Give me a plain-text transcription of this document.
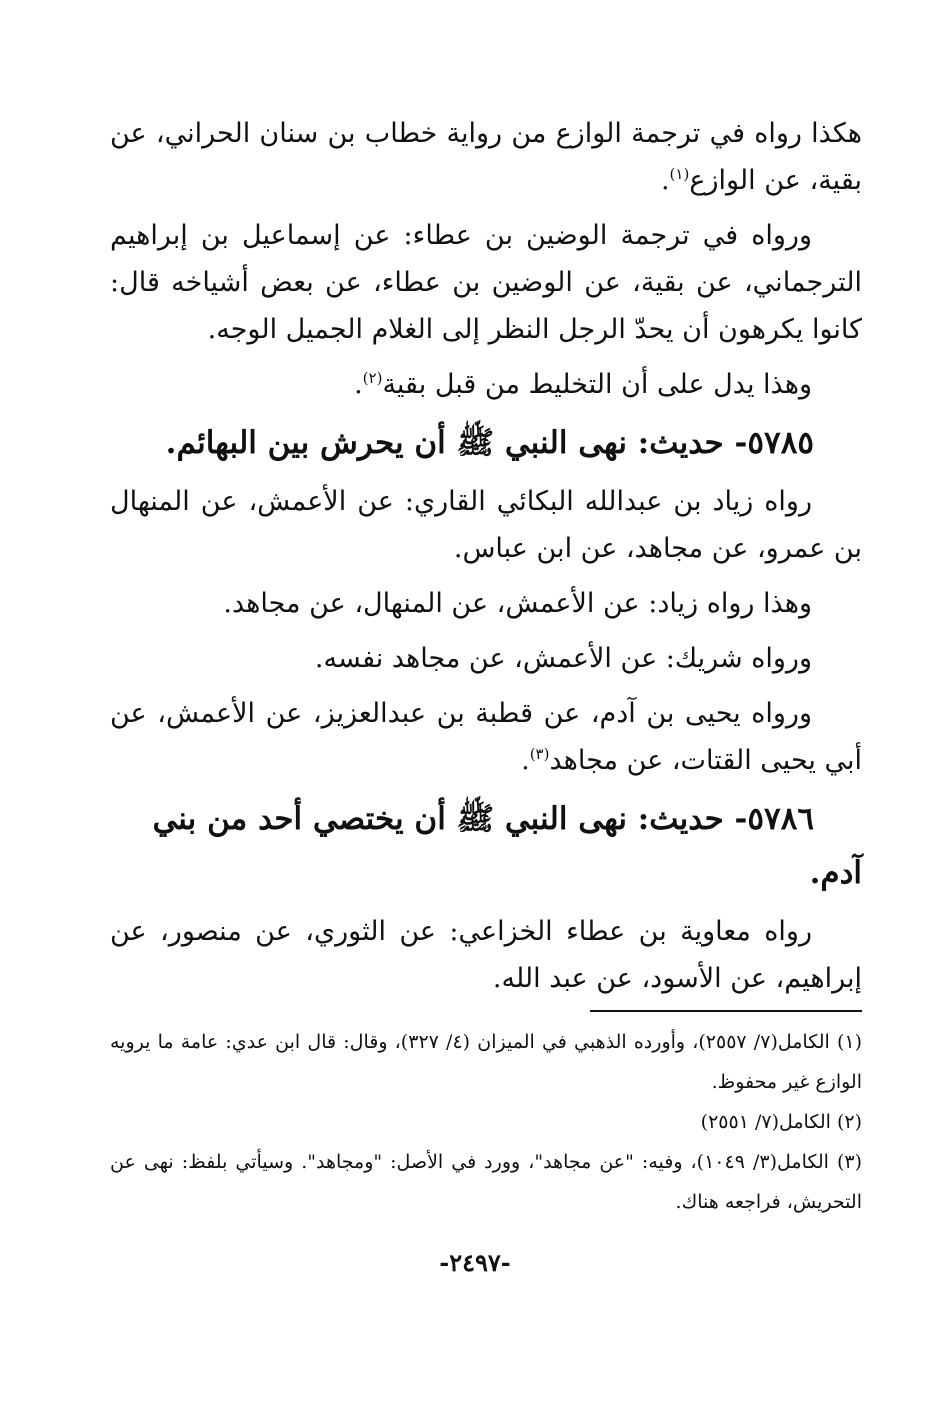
هكذا رواه في ترجمة الوازع من رواية خطاب بن سنان الحراني، عن بقية، عن الوازع$^{(١)}$.

ورواه في ترجمة الوضين بن عطاء: عن إسماعيل بن إبراهيم الترجماني، عن بقية، عن الوضين بن عطاء، عن بعض أشياخه قال: كانوا يكرهون أن يحدّ الرجل النظر إلى الغلام الجميل الوجه.

وهذا يدل على أن التخليط من قبل بقية$^{(٢)}$.

٥٧٨٥- حديث: نهى النبي ﷺ أن يحرش بين البهائم.

رواه زياد بن عبدالله البكائي القاري: عن الأعمش، عن المنهال بن عمرو، عن مجاهد، عن ابن عباس.

وهذا رواه زياد: عن الأعمش، عن المنهال، عن مجاهد.

ورواه شريك: عن الأعمش، عن مجاهد نفسه.

ورواه يحيى بن آدم، عن قطبة بن عبدالعزيز، عن الأعمش، عن أبي يحيى القتات، عن مجاهد$^{(٣)}$.

٥٧٨٦- حديث: نهى النبي ﷺ أن يختصي أحد من بني آدم.

رواه معاوية بن عطاء الخزاعي: عن الثوري، عن منصور، عن إبراهيم، عن الأسود، عن عبد الله.

(١) الكامل(٧/ ٢٥٥٧)، وأورده الذهبي في الميزان (٤/ ٣٢٧)، وقال: قال ابن عدي: عامة ما يرويه الوازع غير محفوظ.

(٢) الكامل(٧/ ٢٥٥١)

(٣) الكامل(٣/ ١٠٤٩)، وفيه: "عن مجاهد"، وورد في الأصل: "ومجاهد". وسيأتي بلفظ: نهى عن التحريش، فراجعه هناك.

-٢٤٩٧-
